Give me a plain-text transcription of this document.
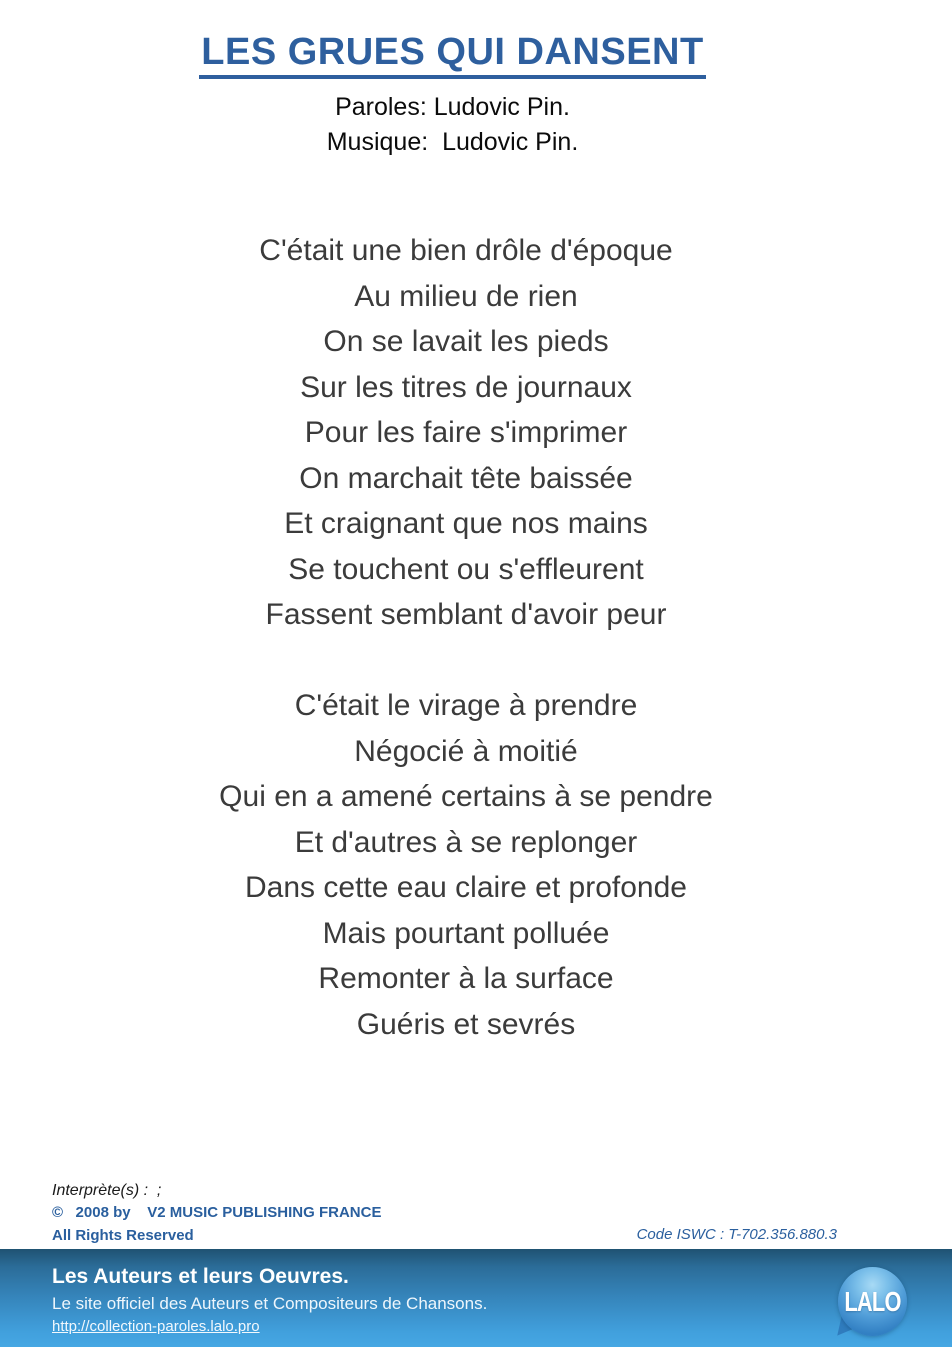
LES GRUES QUI DANSENT
Paroles: Ludovic Pin.
Musique:  Ludovic Pin.
C'était une bien drôle d'époque
Au milieu de rien
On se lavait les pieds
Sur les titres de journaux
Pour les faire s'imprimer
On marchait tête baissée
Et craignant que nos mains
Se touchent ou s'effleurent
Fassent semblant d'avoir peur
C'était le virage à prendre
Négocié à moitié
Qui en a amené certains à se pendre
Et d'autres à se replonger
Dans cette eau claire et profonde
Mais pourtant polluée
Remonter à la surface
Guéris et sevrés
Interprète(s) :  ;
©   2008 by    V2 MUSIC PUBLISHING FRANCE
All Rights Reserved	Code ISWC : T-702.356.880.3
Les Auteurs et leurs Oeuvres.
Le site officiel des Auteurs et Compositeurs de Chansons.
http://collection-paroles.lalo.pro
LALO
